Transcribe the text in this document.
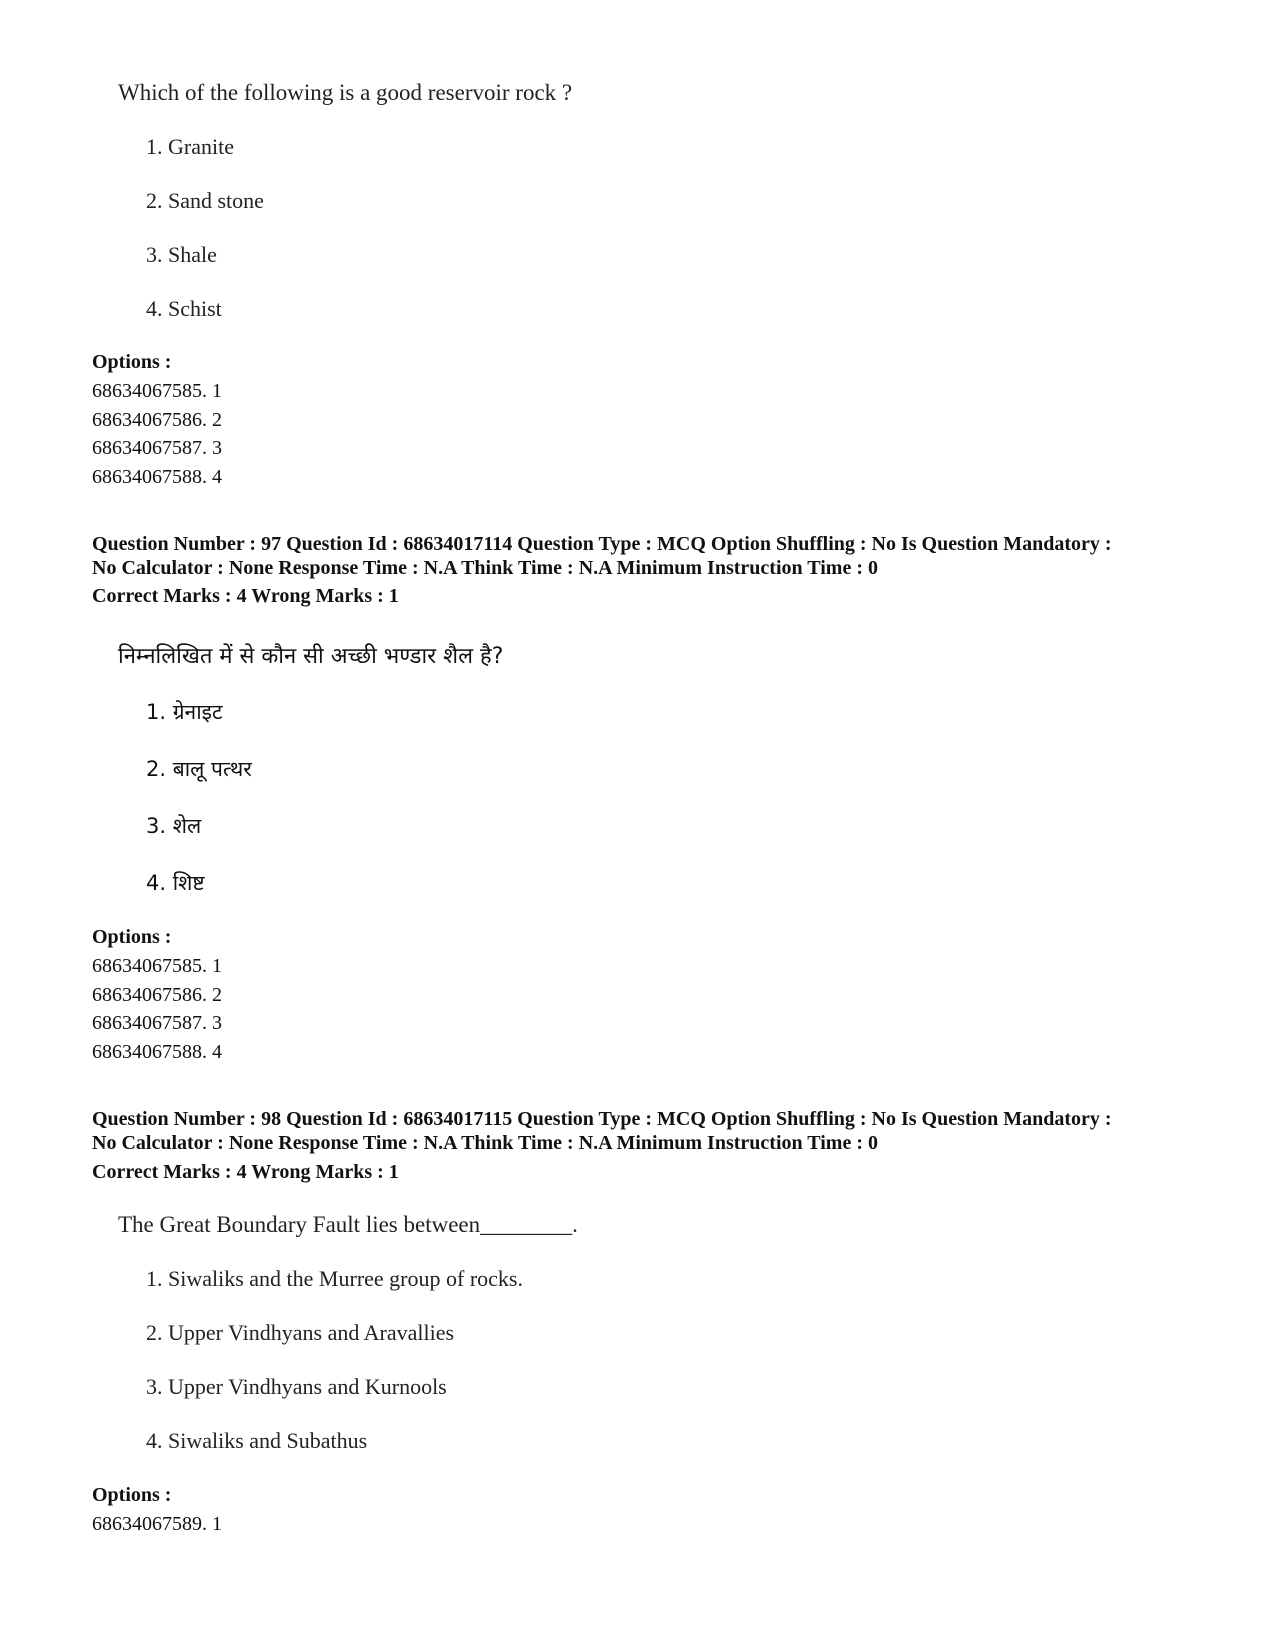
Which of the following is a good reservoir rock ?
1. Granite
2. Sand stone
3. Shale
4. Schist
Options :
68634067585. 1
68634067586. 2
68634067587. 3
68634067588. 4
Question Number : 97 Question Id : 68634017114 Question Type : MCQ Option Shuffling : No Is Question Mandatory :
No Calculator : None Response Time : N.A Think Time : N.A Minimum Instruction Time : 0
Correct Marks : 4 Wrong Marks : 1
निम्नलिखित में से कौन सी अच्छी भण्डार शैल है?
1. ग्रेनाइट
2. बालू पत्थर
3. शेल
4. शिष्ट
Options :
68634067585. 1
68634067586. 2
68634067587. 3
68634067588. 4
Question Number : 98 Question Id : 68634017115 Question Type : MCQ Option Shuffling : No Is Question Mandatory :
No Calculator : None Response Time : N.A Think Time : N.A Minimum Instruction Time : 0
Correct Marks : 4 Wrong Marks : 1
The Great Boundary Fault lies between________.
1. Siwaliks and the Murree group of rocks.
2. Upper Vindhyans and Aravallies
3. Upper Vindhyans and Kurnools
4. Siwaliks and Subathus
Options :
68634067589. 1
